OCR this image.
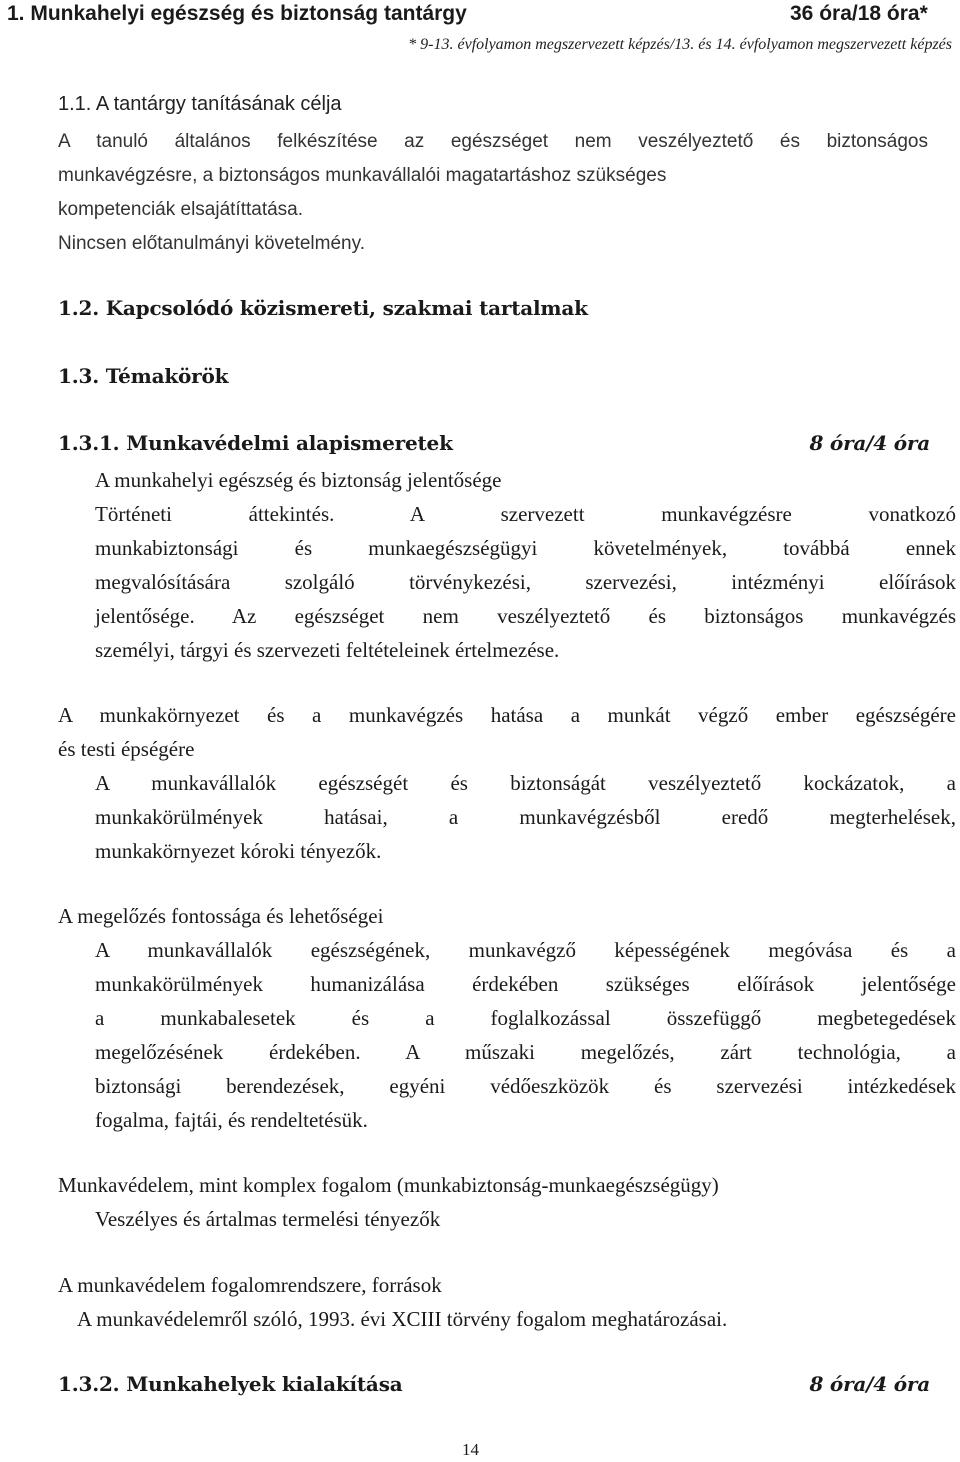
1. Munkahelyi egészség és biztonság tantárgy	36 óra/18 óra*
* 9-13. évfolyamon megszervezett képzés/13. és 14. évfolyamon megszervezett képzés
1.1. A tantárgy tanításának célja
A tanuló általános felkészítése az egészséget nem veszélyeztető és biztonságos
munkavégzésre, a biztonságos munkavállalói magatartáshoz szükséges
kompetenciák elsajátíttatása.
Nincsen előtanulmányi követelmény.
1.2. Kapcsolódó közismereti, szakmai tartalmak
1.3. Témakörök
1.3.1. Munkavédelmi alapismeretek	8 óra/4 óra
A munkahelyi egészség és biztonság jelentősége
Történeti áttekintés. A szervezett munkavégzésre vonatkozó
munkabiztonsági és munkaegészségügyi követelmények, továbbá ennek
megvalósítására szolgáló törvénykezési, szervezési, intézményi előírások
jelentősége. Az egészséget nem veszélyeztető és biztonságos munkavégzés
személyi, tárgyi és szervezeti feltételeinek értelmezése.
A munkakörnyezet és a munkavégzés hatása a munkát végző ember egészségére
és testi épségére
A munkavállalók egészségét és biztonságát veszélyeztető kockázatok, a
munkakörülmények hatásai, a munkavégzésből eredő megterhelések,
munkakörnyezet kóroki tényezők.
A megelőzés fontossága és lehetőségei
A munkavállalók egészségének, munkavégző képességének megóvása és a
munkakörülmények humanizálása érdekében szükséges előírások jelentősége
a munkabalesetek és a foglalkozással összefüggő megbetegedések
megelőzésének érdekében. A műszaki megelőzés, zárt technológia, a
biztonsági berendezések, egyéni védőeszközök és szervezési intézkedések
fogalma, fajtái, és rendeltetésük.
Munkavédelem, mint komplex fogalom (munkabiztonság-munkaegészségügy)
Veszélyes és ártalmas termelési tényezők
A munkavédelem fogalomrendszere, források
A munkavédelemről szóló, 1993. évi XCIII törvény fogalom meghatározásai.
1.3.2. Munkahelyek kialakítása	8 óra/4 óra
14
